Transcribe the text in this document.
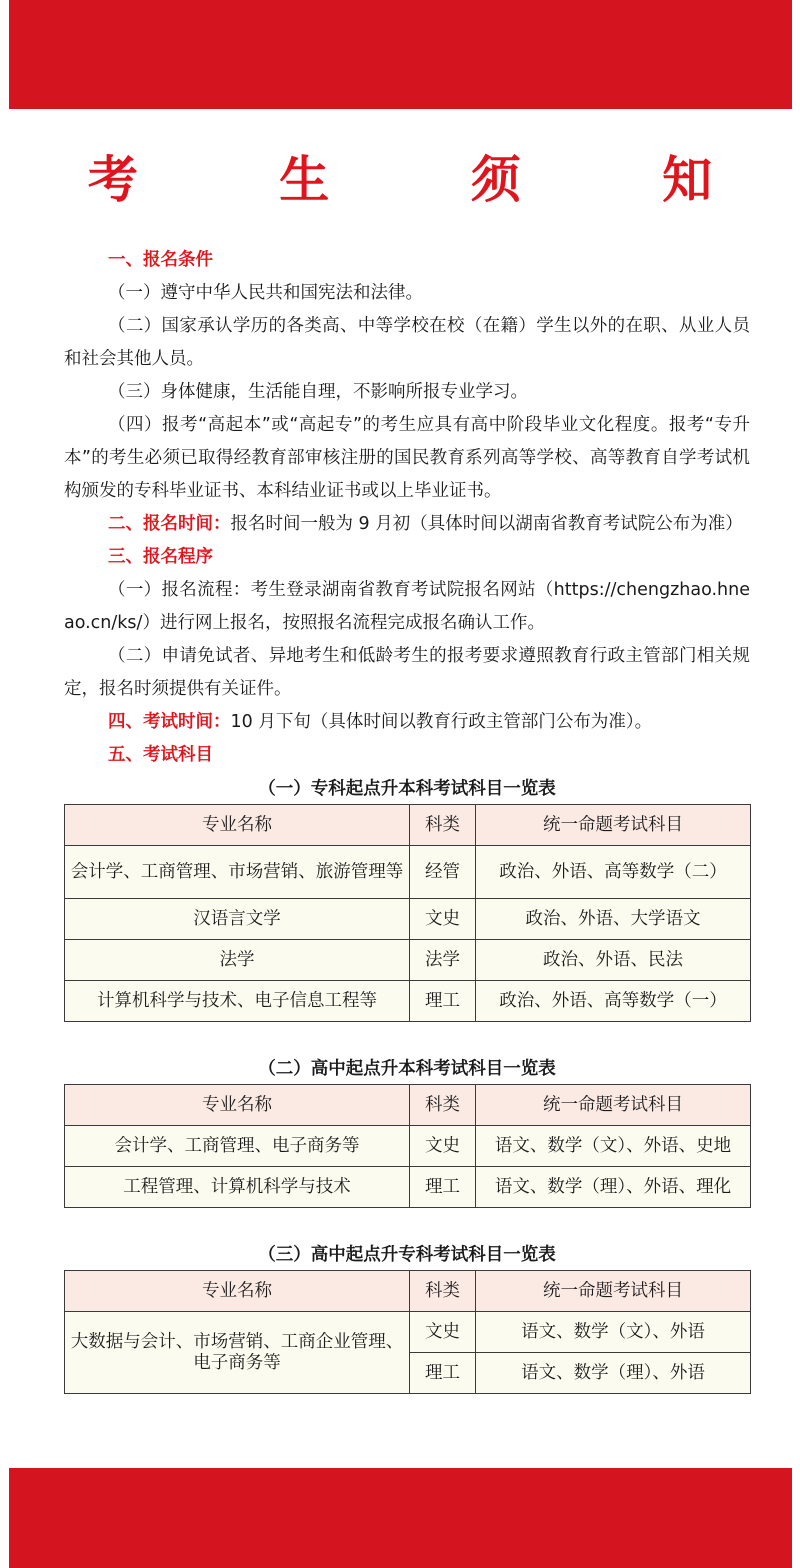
考 生 须 知

一、报名条件

（一）遵守中华人民共和国宪法和法律。

（二）国家承认学历的各类高、中等学校在校（在籍）学生以外的在职、从业人员和社会其他人员。

（三）身体健康，生活能自理，不影响所报专业学习。

（四）报考“高起本”或“高起专”的考生应具有高中阶段毕业文化程度。报考“专升本”的考生必须已取得经教育部审核注册的国民教育系列高等学校、高等教育自学考试机构颁发的专科毕业证书、本科结业证书或以上毕业证书。

二、报名时间：报名时间一般为 9 月初（具体时间以湖南省教育考试院公布为准）

三、报名程序

（一）报名流程：考生登录湖南省教育考试院报名网站（https://chengzhao.hneao.cn/ks/）进行网上报名，按照报名流程完成报名确认工作。

（二）申请免试者、异地考生和低龄考生的报考要求遵照教育行政主管部门相关规定，报名时须提供有关证件。

四、考试时间：10 月下旬（具体时间以教育行政主管部门公布为准）。

五、考试科目

（一）专科起点升本科考试科目一览表

专业名称	科类	统一命题考试科目
会计学、工商管理、市场营销、旅游管理等	经管	政治、外语、高等数学（二）
汉语言文学	文史	政治、外语、大学语文
法学	法学	政治、外语、民法
计算机科学与技术、电子信息工程等	理工	政治、外语、高等数学（一）

（二）高中起点升本科考试科目一览表

专业名称	科类	统一命题考试科目
会计学、工商管理、电子商务等	文史	语文、数学（文）、外语、史地
工程管理、计算机科学与技术	理工	语文、数学（理）、外语、理化

（三）高中起点升专科考试科目一览表

专业名称	科类	统一命题考试科目
大数据与会计、市场营销、工商企业管理、电子商务等	文史	语文、数学（文）、外语
	理工	语文、数学（理）、外语
